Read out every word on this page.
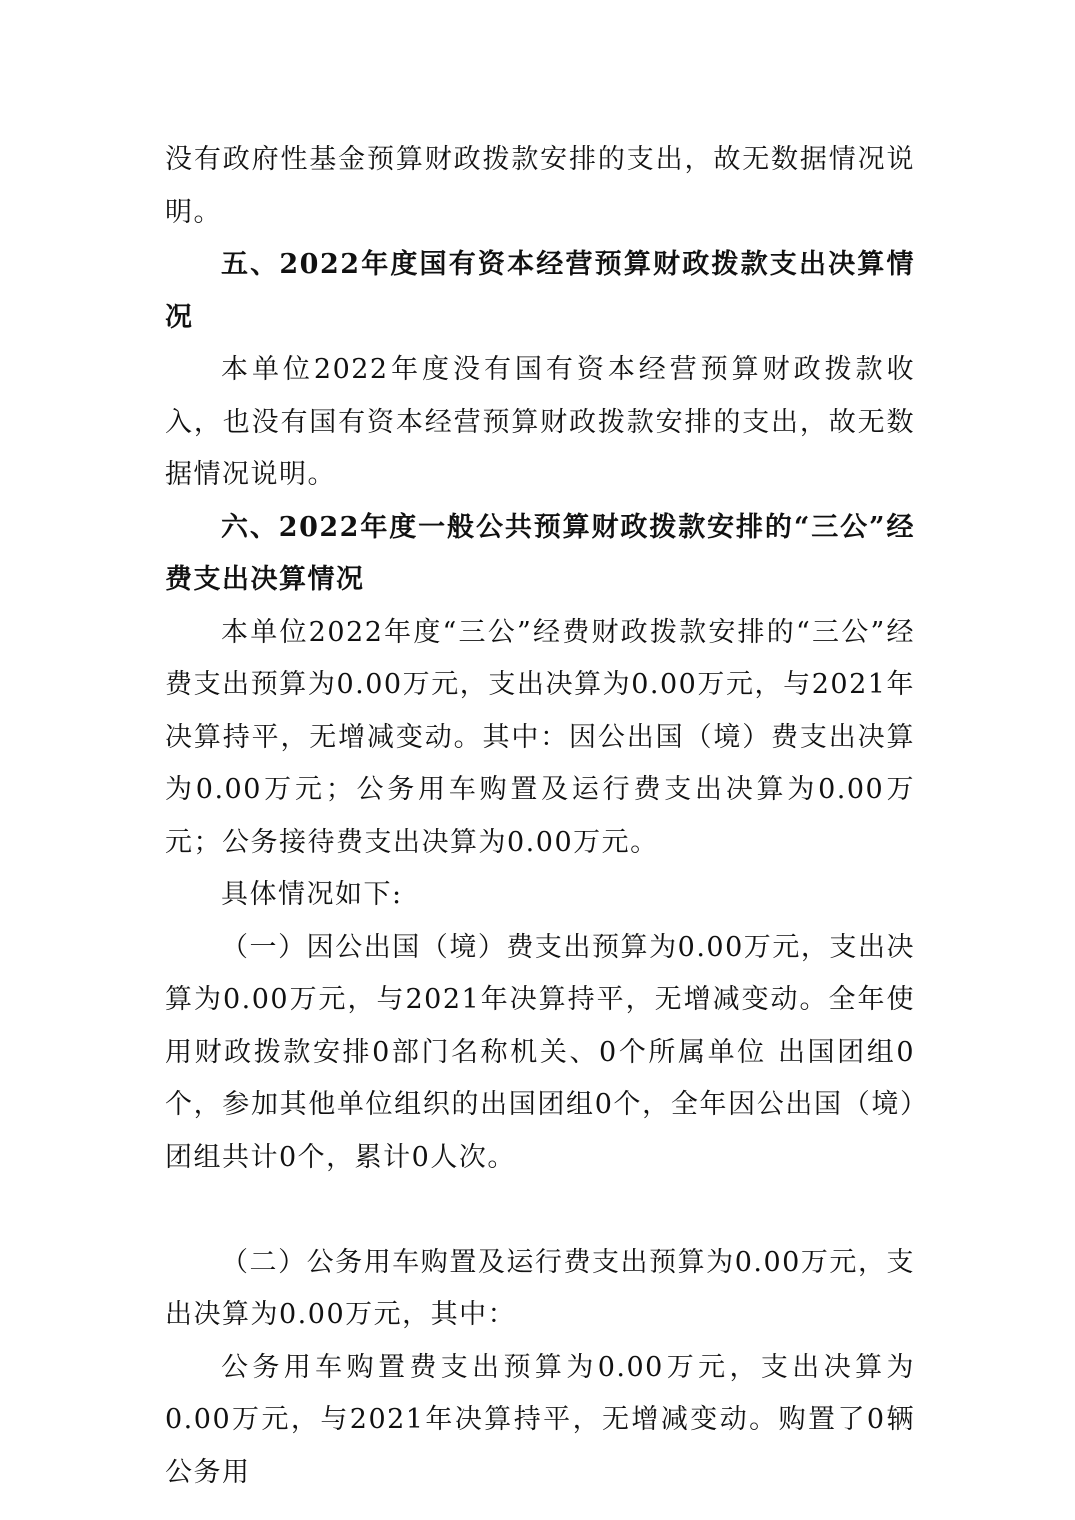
没有政府性基金预算财政拨款安排的支出，故无数据情况说明。

五、2022年度国有资本经营预算财政拨款支出决算情况

本单位2022年度没有国有资本经营预算财政拨款收入，也没有国有资本经营预算财政拨款安排的支出，故无数据情况说明。

六、2022年度一般公共预算财政拨款安排的“三公”经费支出决算情况

本单位2022年度“三公”经费财政拨款安排的“三公”经费支出预算为0.00万元，支出决算为0.00万元，与2021年决算持平，无增减变动。其中：因公出国（境）费支出决算为0.00万元；公务用车购置及运行费支出决算为0.00万元；公务接待费支出决算为0.00万元。

具体情况如下:

（一）因公出国（境）费支出预算为0.00万元，支出决算为0.00万元，与2021年决算持平，无增减变动。全年使用财政拨款安排0部门名称机关、0个所属单位 出国团组0个，参加其他单位组织的出国团组0个，全年因公出国（境）团组共计0个，累计0人次。

（二）公务用车购置及运行费支出预算为0.00万元，支出决算为0.00万元，其中：

公务用车购置费支出预算为0.00万元，支出决算为0.00万元，与2021年决算持平，无增减变动。购置了0辆公务用
